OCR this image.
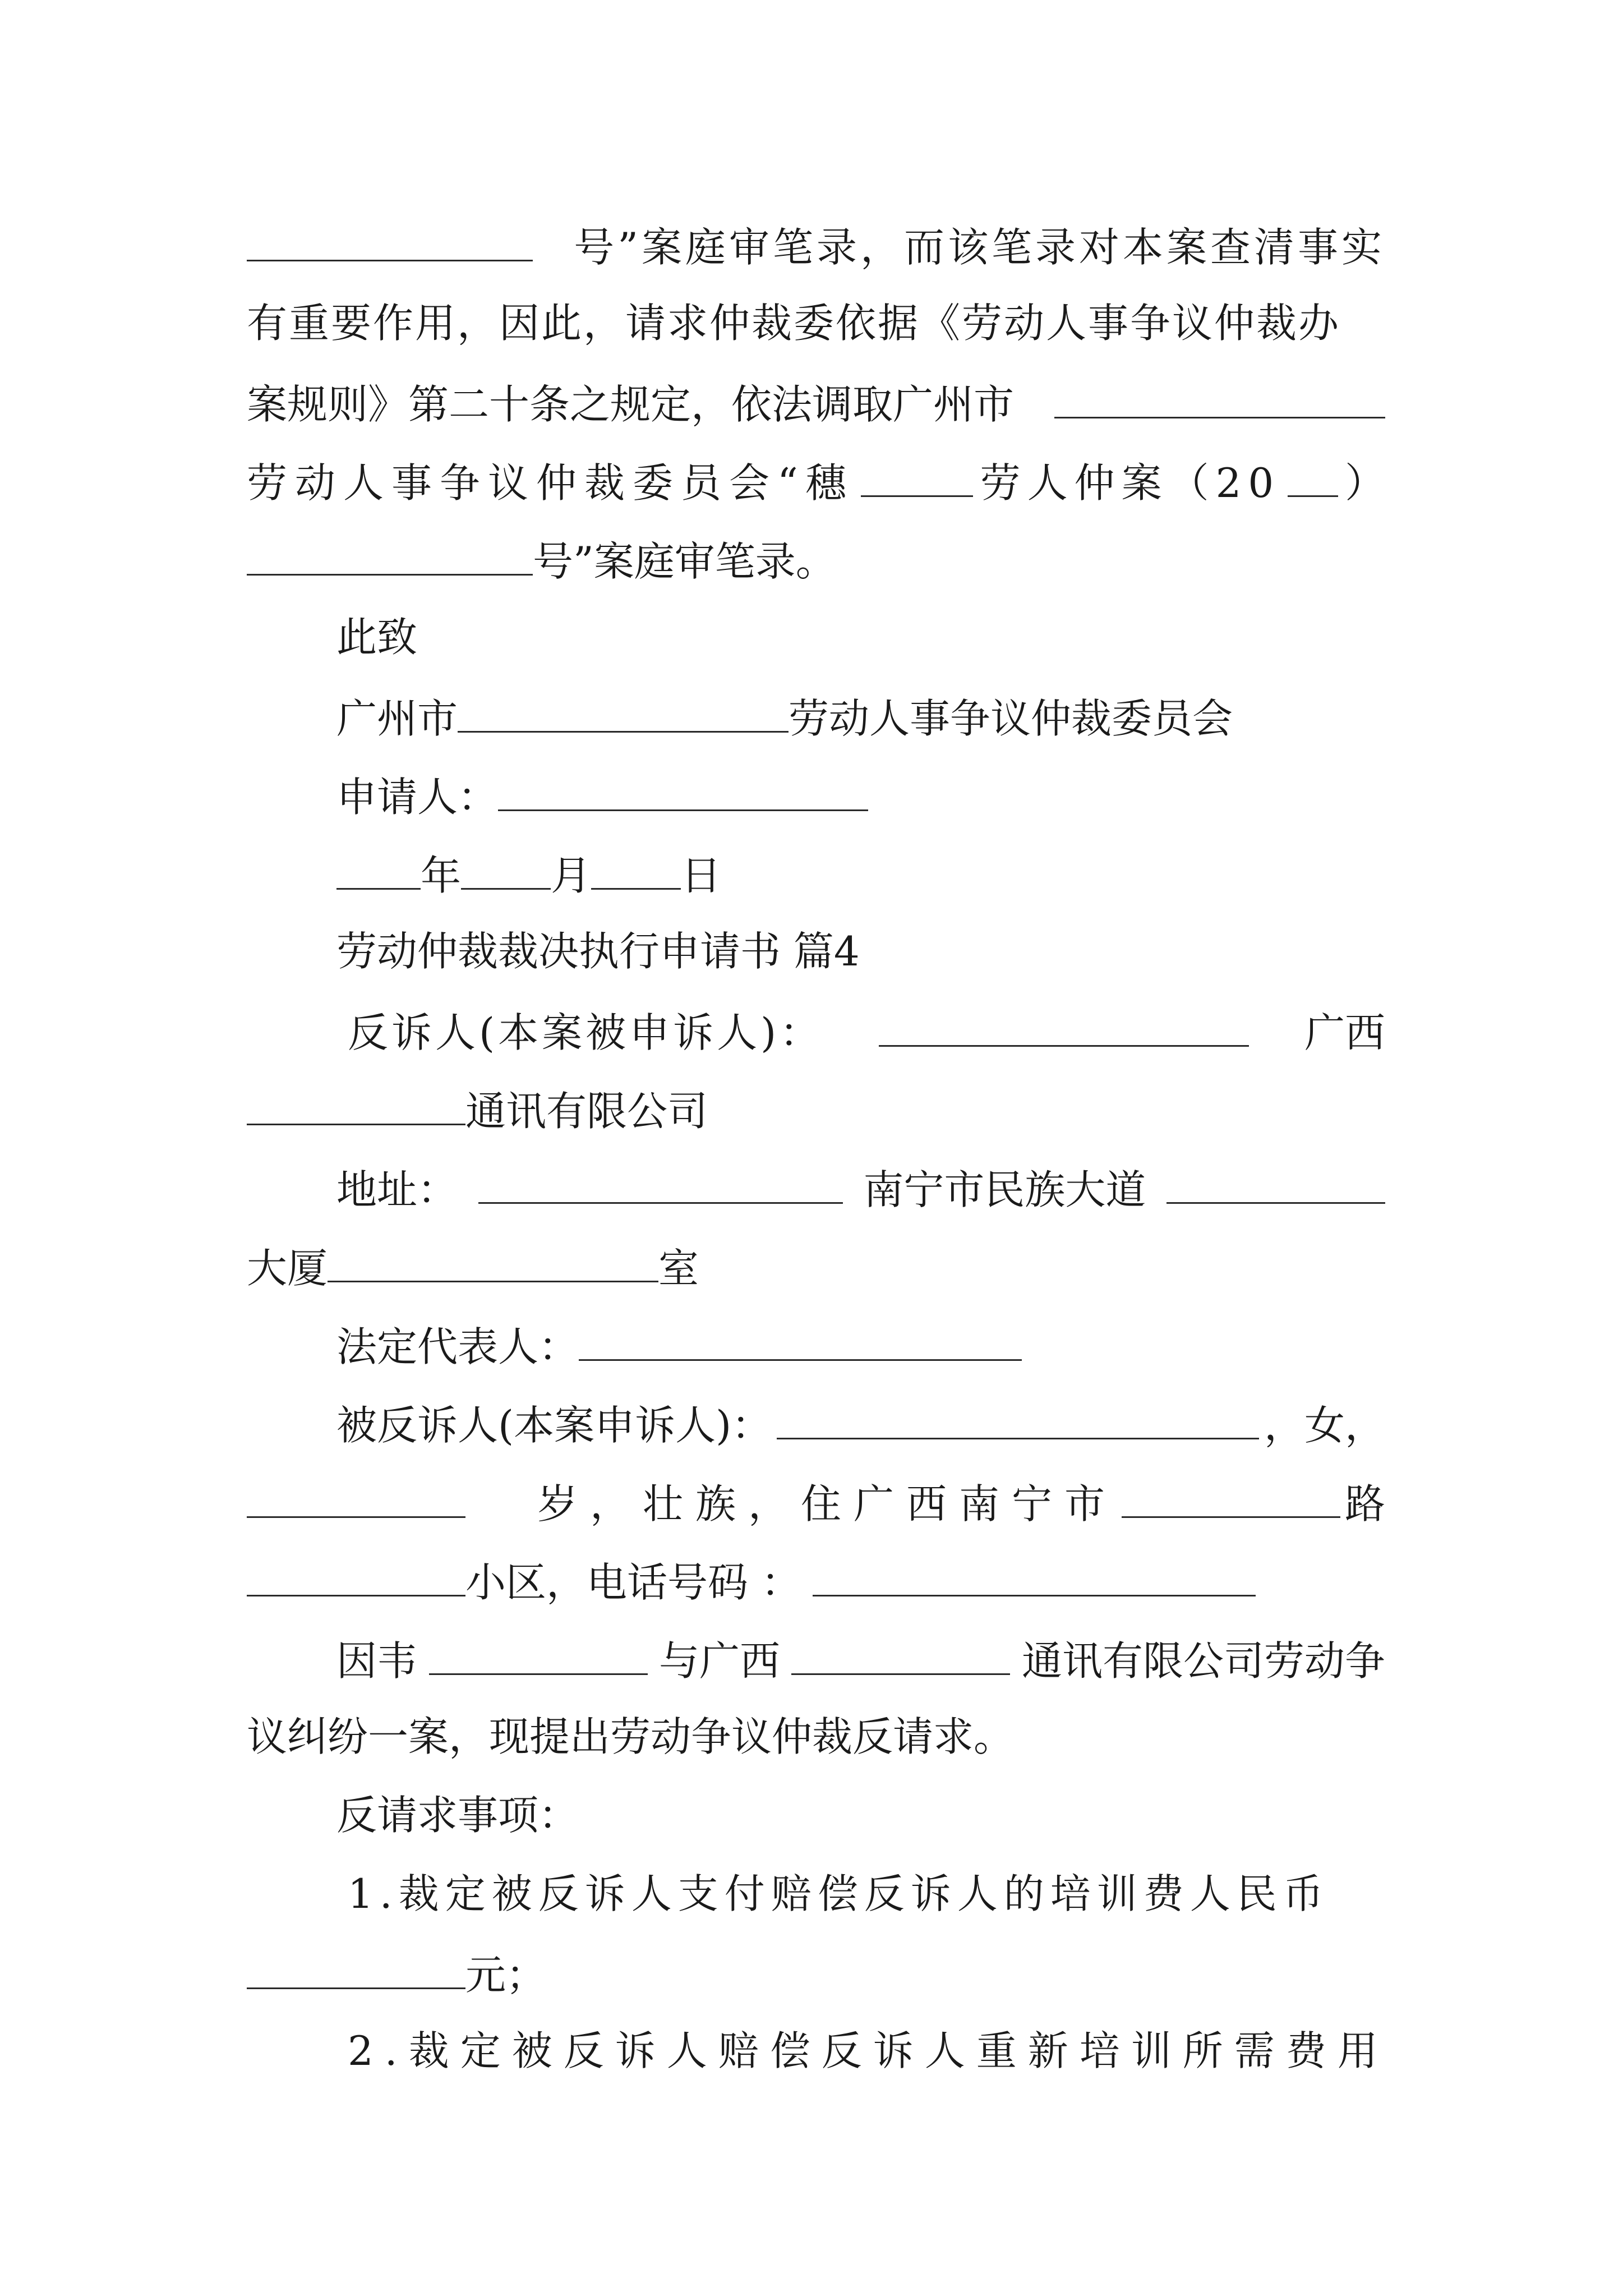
号”案庭审笔录，而该笔录对本案查清事实
有重要作用，因此，请求仲裁委依据《劳动人事争议仲裁办
案规则》第二十条之规定，依法调取广州市
劳动人事争议仲裁委员会“穗	劳人仲案（20 ）
号”案庭审笔录。
此致
广州市	劳动人事争议仲裁委员会
申请人：
年 月 日
劳动仲裁裁决执行申请书 篇4
反诉人(本案被申诉人)：	广西
通讯有限公司
地址：	南宁市民族大道
大厦	室
法定代表人：
被反诉人(本案申诉人)：	，女，
岁，壮族，住广西南宁市	路
小区，电话号码 ：
因韦	与广西	通讯有限公司劳动争
议纠纷一案，现提出劳动争议仲裁反请求。
反请求事项：
1.裁定被反诉人支付赔偿反诉人的培训费人民币
元；
2.裁定被反诉人赔偿反诉人重新培训所需费用
